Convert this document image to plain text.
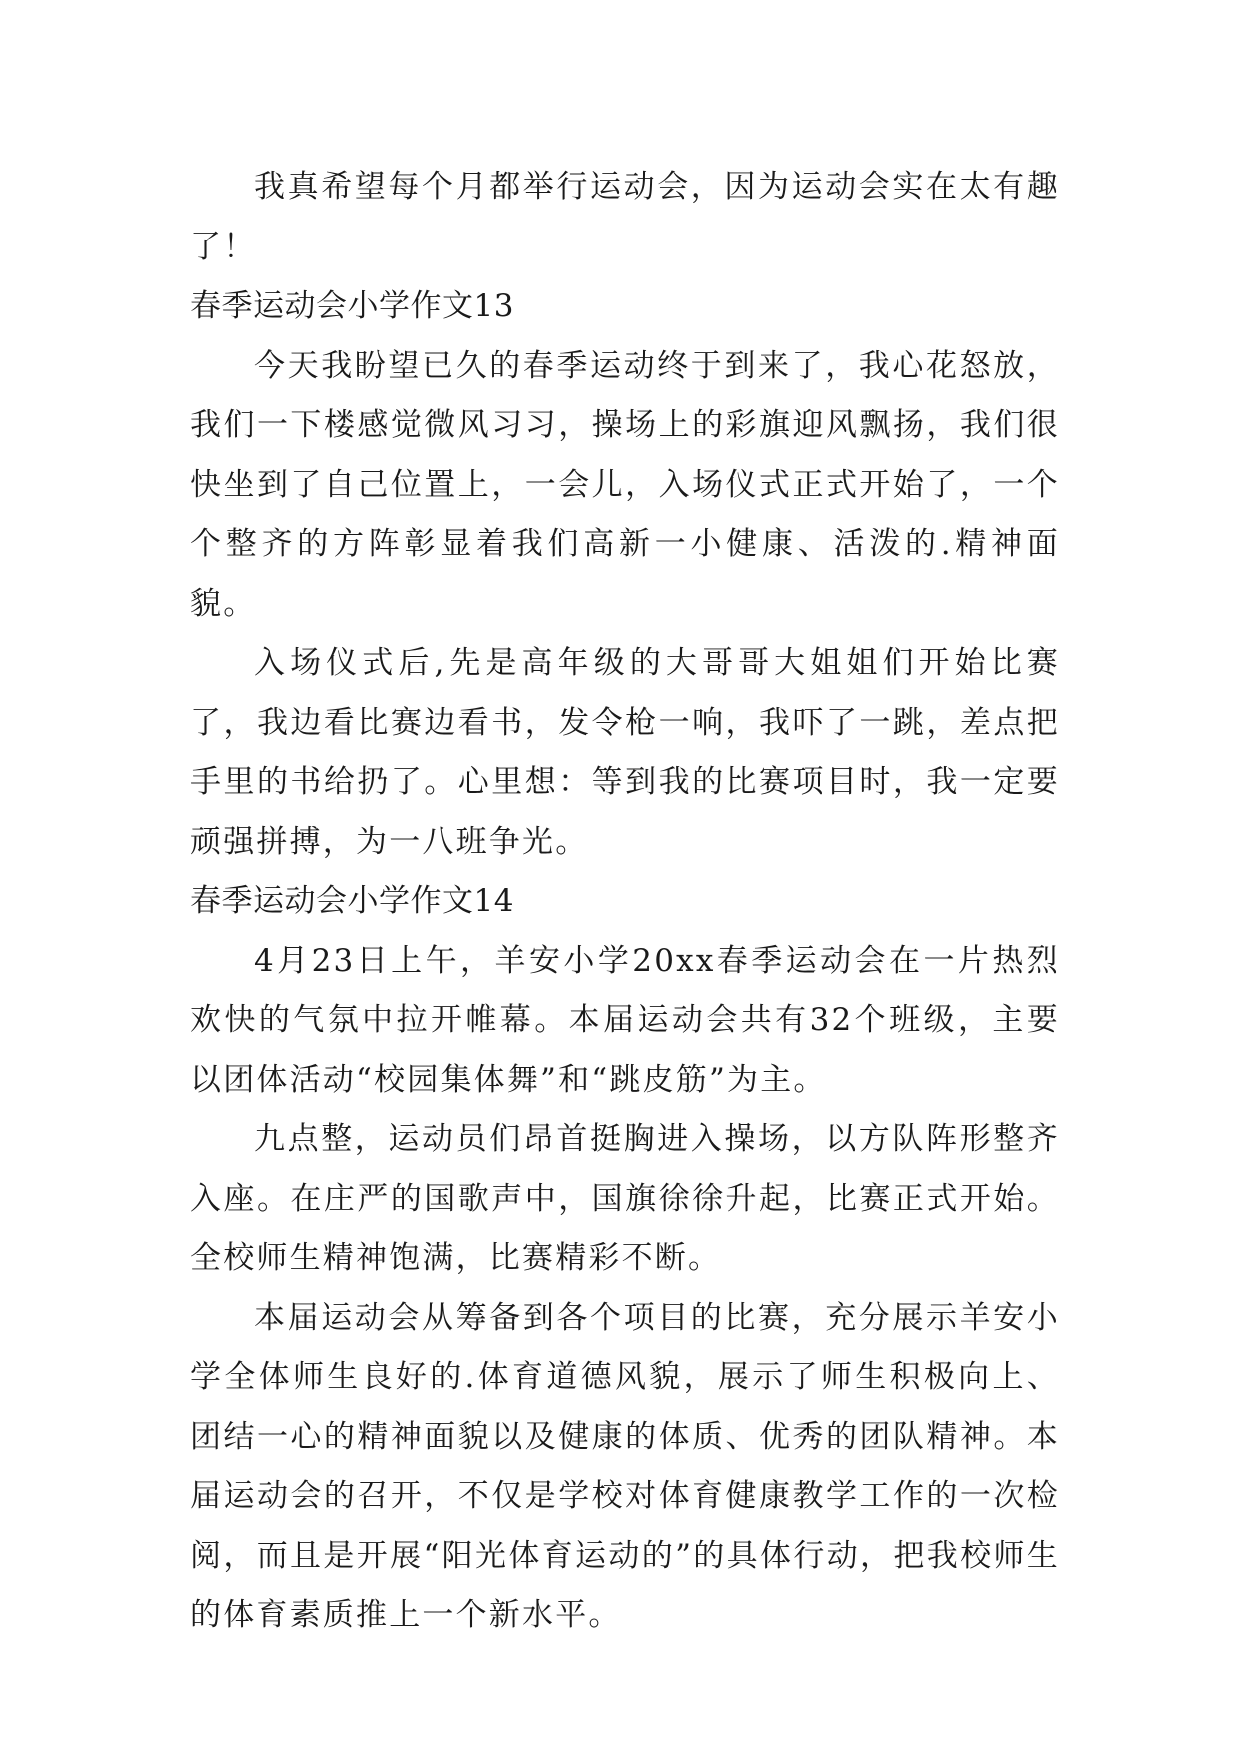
我真希望每个月都举行运动会，因为运动会实在太有趣了！

春季运动会小学作文13

今天我盼望已久的春季运动终于到来了，我心花怒放，我们一下楼感觉微风习习，操场上的彩旗迎风飘扬，我们很快坐到了自己位置上，一会儿，入场仪式正式开始了，一个个整齐的方阵彰显着我们高新一小健康、活泼的.精神面貌。

入场仪式后,先是高年级的大哥哥大姐姐们开始比赛了，我边看比赛边看书，发令枪一响，我吓了一跳，差点把手里的书给扔了。心里想：等到我的比赛项目时，我一定要顽强拼搏，为一八班争光。

春季运动会小学作文14

4月23日上午，羊安小学20xx春季运动会在一片热烈欢快的气氛中拉开帷幕。本届运动会共有32个班级，主要以团体活动“校园集体舞”和“跳皮筋”为主。

九点整，运动员们昂首挺胸进入操场，以方队阵形整齐入座。在庄严的国歌声中，国旗徐徐升起，比赛正式开始。全校师生精神饱满，比赛精彩不断。

本届运动会从筹备到各个项目的比赛，充分展示羊安小学全体师生良好的.体育道德风貌，展示了师生积极向上、团结一心的精神面貌以及健康的体质、优秀的团队精神。本届运动会的召开，不仅是学校对体育健康教学工作的一次检阅，而且是开展“阳光体育运动的”的具体行动，把我校师生的体育素质推上一个新水平。
